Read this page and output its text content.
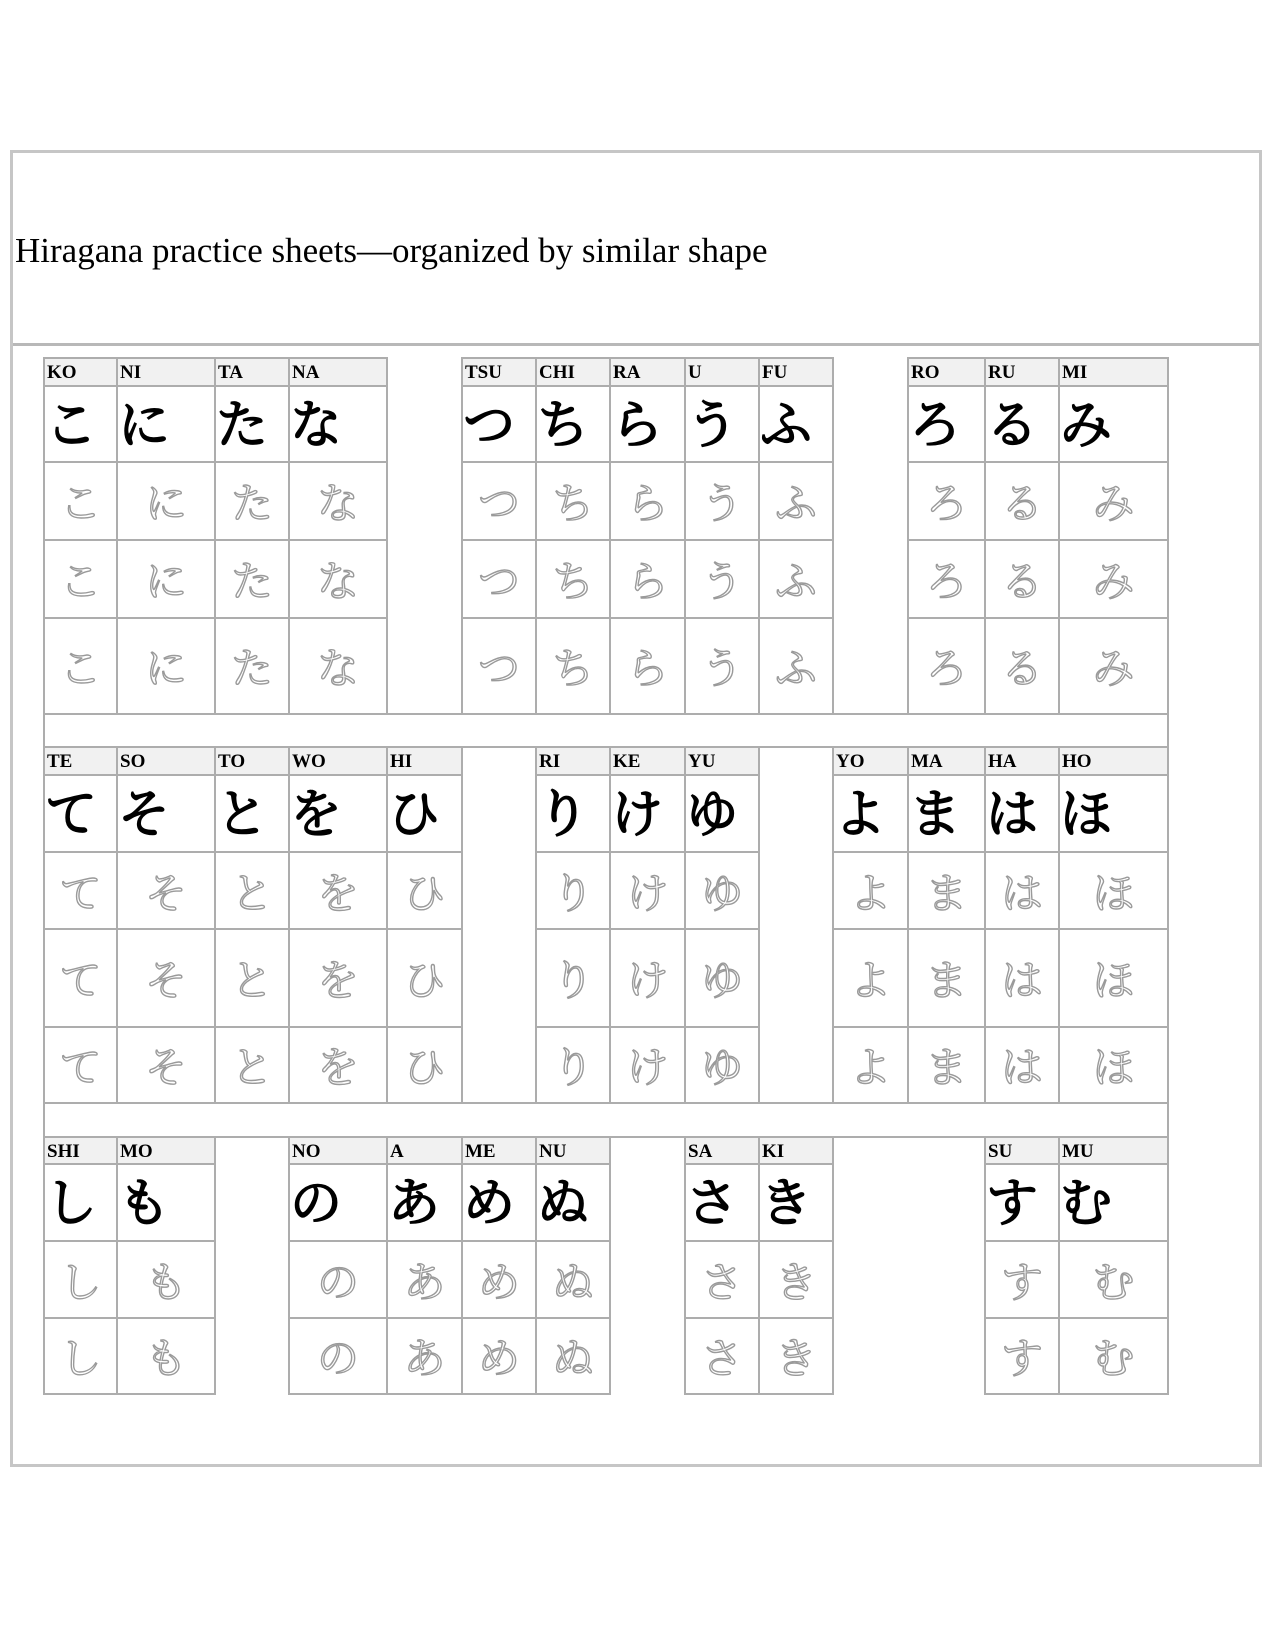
Hiragana practice sheets—organized by similar shape
KO
こ
こ
こ
こ
NI
に
に
に
に
TA
た
た
た
た
NA
な
な
な
な
TSU
つ
つ
つ
つ
CHI
ち
ち
ち
ち
RA
ら
ら
ら
ら
U
う
う
う
う
FU
ふ
ふ
ふ
ふ
RO
ろ
ろ
ろ
ろ
RU
る
る
る
る
MI
み
み
み
み
TE
て
て
て
て
SO
そ
そ
そ
そ
TO
と
と
と
と
WO
を
を
を
を
HI
ひ
ひ
ひ
ひ
RI
り
り
り
り
KE
け
け
け
け
YU
ゆ
ゆ
ゆ
ゆ
YO
よ
よ
よ
よ
MA
ま
ま
ま
ま
HA
は
は
は
は
HO
ほ
ほ
ほ
ほ
SHI
し
し
し
MO
も
も
も
NO
の
の
の
A
あ
あ
あ
ME
め
め
め
NU
ぬ
ぬ
ぬ
SA
さ
さ
さ
KI
き
き
き
SU
す
す
す
MU
む
む
む
